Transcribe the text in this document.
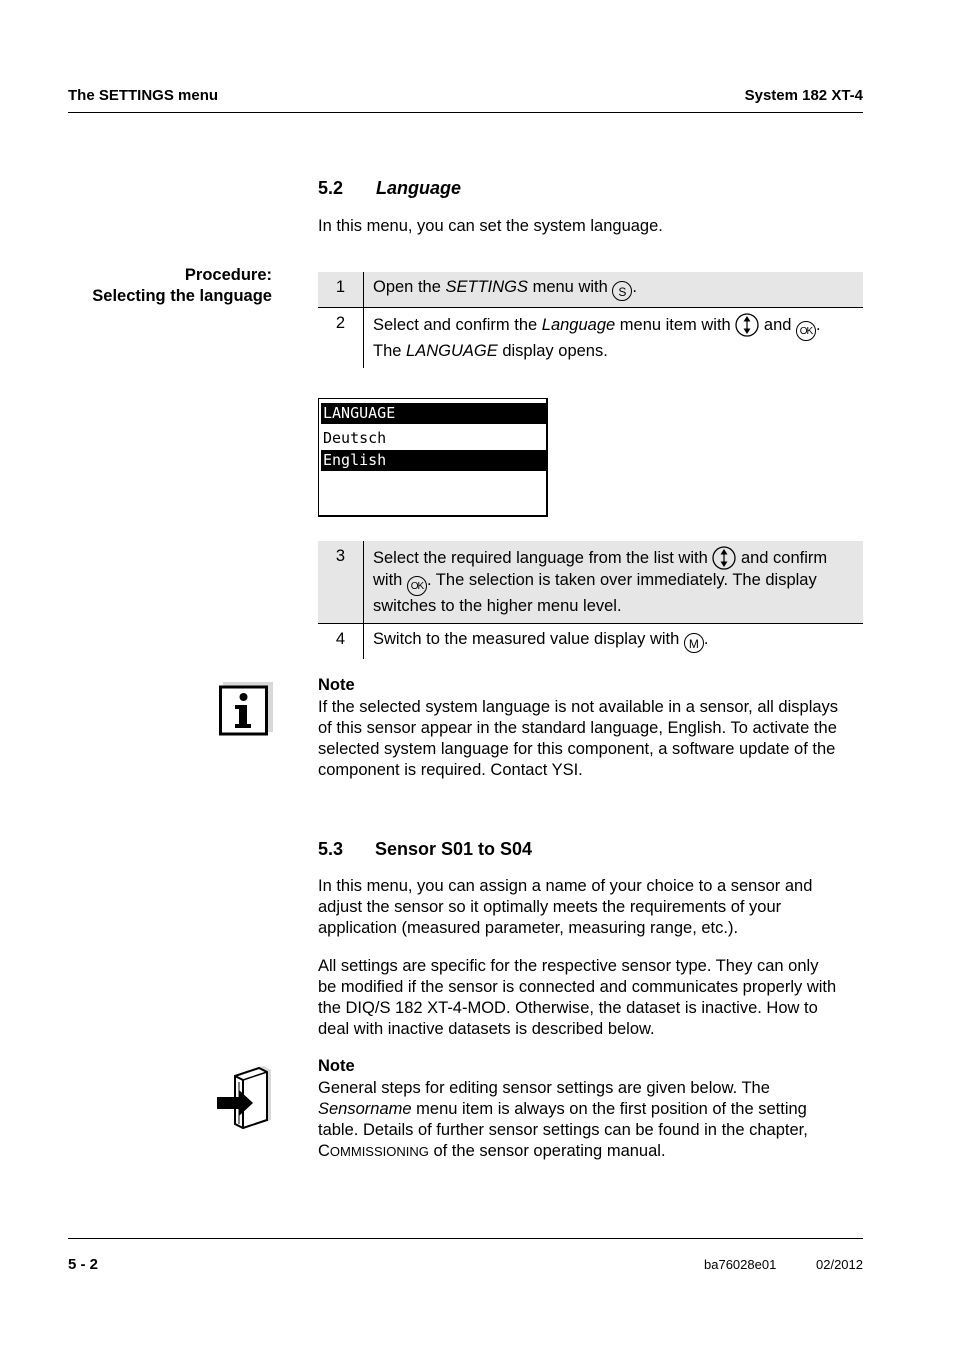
The SETTINGS menu	System 182 XT-4
5.2 Language
In this menu, you can set the system language.
Procedure:
Selecting the language	1	Open the SETTINGS menu with S .
2	Select and confirm the Language menu item with  and OK .
The LANGUAGE display opens.
LANGUAGE
Deutsch
English
3	Select the required language from the list with  and confirm
with OK . The selection is taken over immediately. The display
switches to the higher menu level.
4	Switch to the measured value display with M .
Note
If the selected system language is not available in a sensor, all displays
of this sensor appear in the standard language, English. To activate the
selected system language for this component, a software update of the
component is required. Contact YSI.
5.3 Sensor S01 to S04
In this menu, you can assign a name of your choice to a sensor and
adjust the sensor so it optimally meets the requirements of your
application (measured parameter, measuring range, etc.).
All settings are specific for the respective sensor type. They can only
be modified if the sensor is connected and communicates properly with
the DIQ/S 182 XT-4-MOD. Otherwise, the dataset is inactive. How to
deal with inactive datasets is described below.
Note
General steps for editing sensor settings are given below. The
Sensorname menu item is always on the first position of the setting
table. Details of further sensor settings can be found in the chapter,
COMMISSIONING of the sensor operating manual.
5 - 2	ba76028e01	02/2012
